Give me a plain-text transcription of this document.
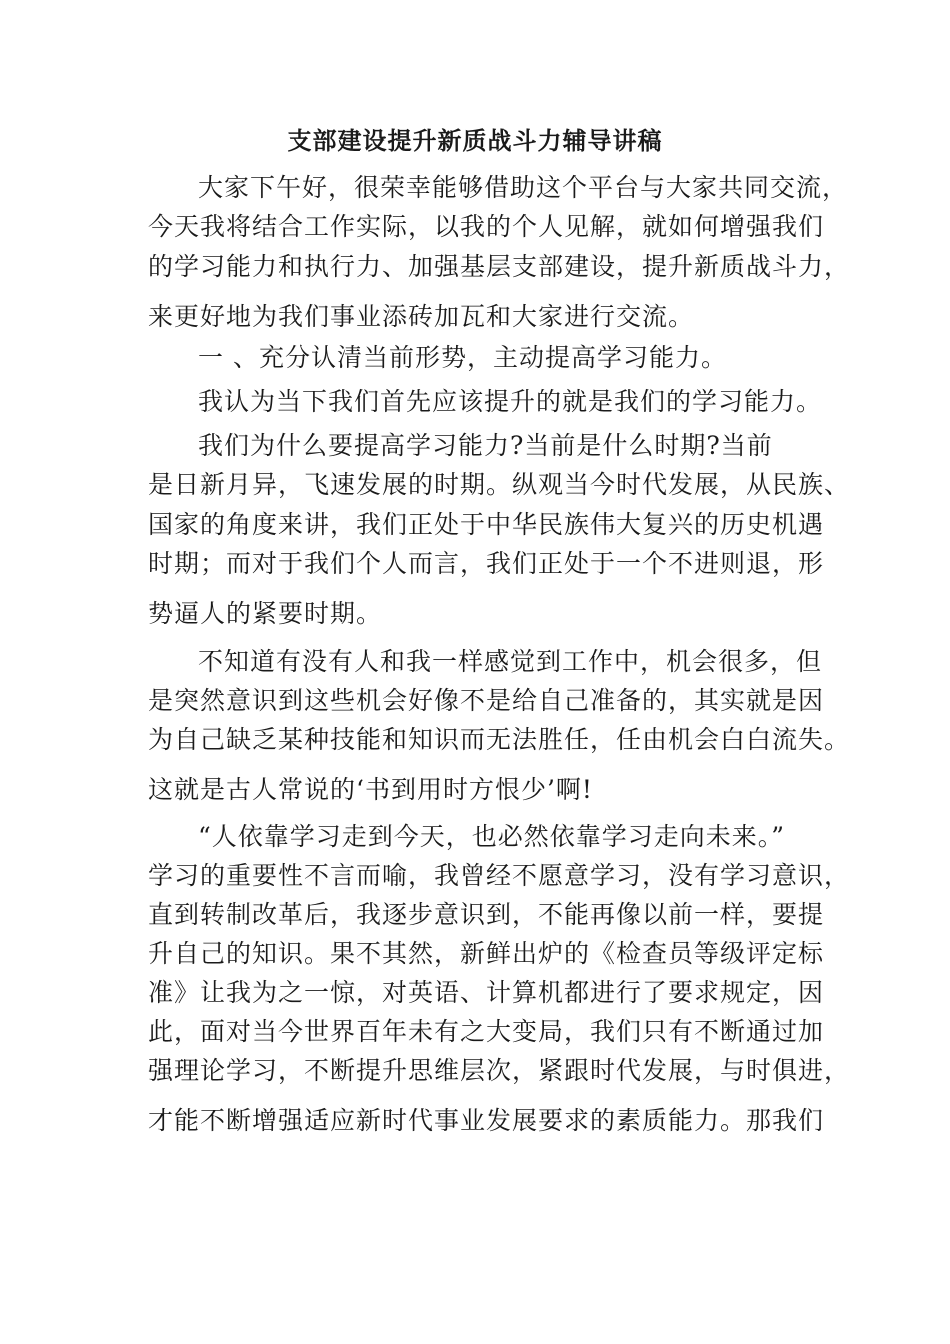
支部建设提升新质战斗力辅导讲稿

大家下午好，很荣幸能够借助这个平台与大家共同交流，

今天我将结合工作实际，以我的个人见解，就如何增强我们

的学习能力和执行力、加强基层支部建设，提升新质战斗力，

来更好地为我们事业添砖加瓦和大家进行交流。

一 、充分认清当前形势，主动提高学习能力。

我认为当下我们首先应该提升的就是我们的学习能力。

我们为什么要提高学习能力?当前是什么时期?当前

是日新月异，飞速发展的时期。纵观当今时代发展，从民族、

国家的角度来讲，我们正处于中华民族伟大复兴的历史机遇

时期；而对于我们个人而言，我们正处于一个不进则退，形

势逼人的紧要时期。

不知道有没有人和我一样感觉到工作中，机会很多，但

是突然意识到这些机会好像不是给自己准备的，其实就是因

为自己缺乏某种技能和知识而无法胜任，任由机会白白流失。

这就是古人常说的‘书到用时方恨少’啊!

“人依靠学习走到今天，也必然依靠学习走向未来。”

学习的重要性不言而喻，我曾经不愿意学习，没有学习意识，

直到转制改革后，我逐步意识到，不能再像以前一样，要提

升自己的知识。果不其然，新鲜出炉的《检查员等级评定标

准》让我为之一惊，对英语、计算机都进行了要求规定，因

此，面对当今世界百年未有之大变局，我们只有不断通过加

强理论学习，不断提升思维层次，紧跟时代发展，与时俱进，

才能不断增强适应新时代事业发展要求的素质能力。那我们
